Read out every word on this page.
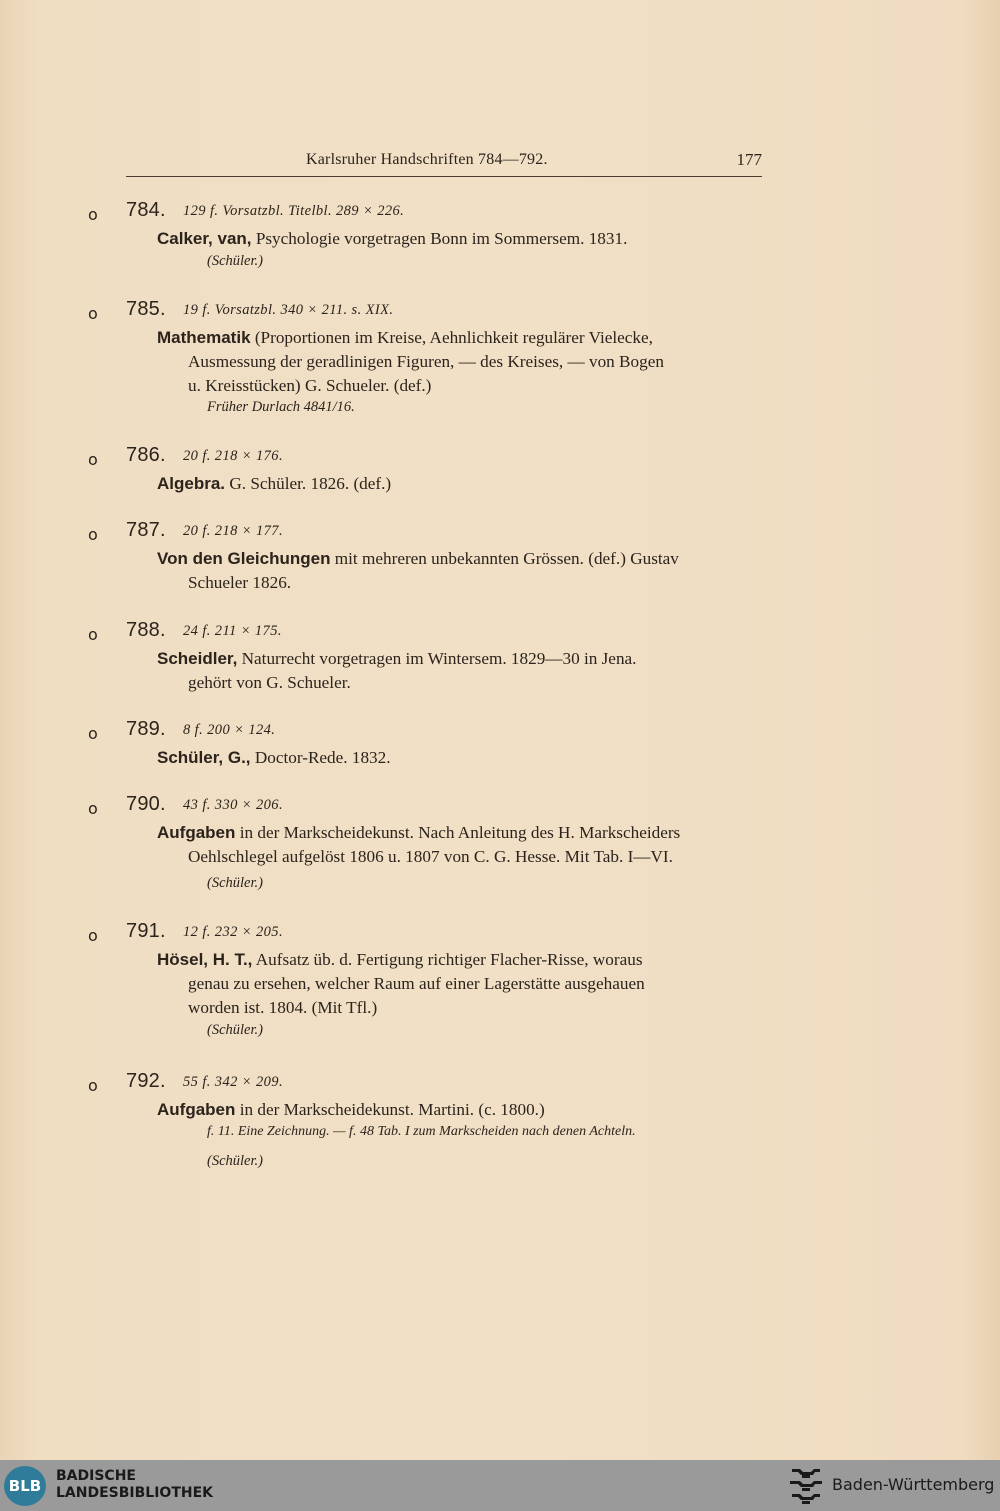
Karlsruher Handschriften 784—792.	177
o 784. 129 f. Vorsatzbl. Titelbl. 289 × 226.
Calker, van, Psychologie vorgetragen Bonn im Sommersem. 1831.
(Schüler.)
o 785. 19 f. Vorsatzbl. 340 × 211. s. XIX.
Mathematik (Proportionen im Kreise, Aehnlichkeit regulärer Vielecke,
Ausmessung der geradlinigen Figuren, — des Kreises, — von Bogen
u. Kreisstücken) G. Schueler. (def.)
Früher Durlach 4841/16.
o 786. 20 f. 218 × 176.
Algebra. G. Schüler. 1826. (def.)
o 787. 20 f. 218 × 177.
Von den Gleichungen mit mehreren unbekannten Grössen. (def.) Gustav
Schueler 1826.
o 788. 24 f. 211 × 175.
Scheidler, Naturrecht vorgetragen im Wintersem. 1829—30 in Jena.
gehört von G. Schueler.
o 789. 8 f. 200 × 124.
Schüler, G., Doctor-Rede. 1832.
o 790. 43 f. 330 × 206.
Aufgaben in der Markscheidekunst. Nach Anleitung des H. Markscheiders
Oehlschlegel aufgelöst 1806 u. 1807 von C. G. Hesse. Mit Tab. I—VI.
(Schüler.)
o 791. 12 f. 232 × 205.
Hösel, H. T., Aufsatz üb. d. Fertigung richtiger Flacher-Risse, woraus
genau zu ersehen, welcher Raum auf einer Lagerstätte ausgehauen
worden ist. 1804. (Mit Tfl.)
(Schüler.)
o 792. 55 f. 342 × 209.
Aufgaben in der Markscheidekunst. Martini. (c. 1800.)
f. 11. Eine Zeichnung. — f. 48 Tab. I zum Markscheiden nach denen Achteln.
(Schüler.)
BLB
BADISCHE
LANDESBIBLIOTHEK	Baden-Württemberg
